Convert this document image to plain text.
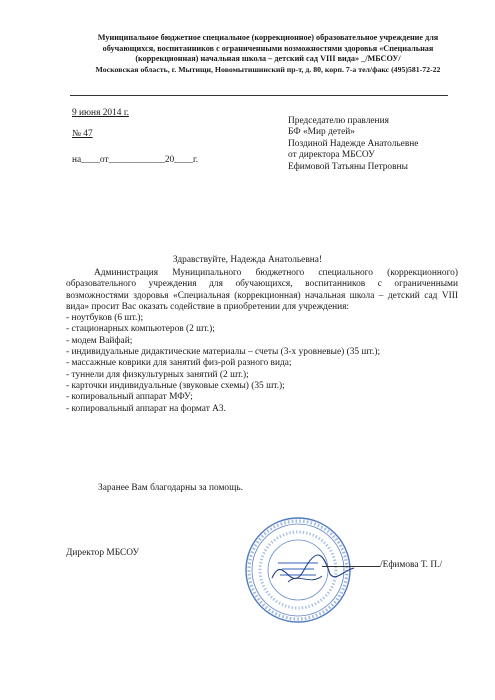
Муниципальное бюджетное специальное (коррекционное) образовательное учреждение для
обучающихся, воспитанников с ограниченными возможностями здоровья «Специальная
(коррекционная) начальная школа – детский сад VIII вида» _/МБСОУ/
Московская область, г. Мытищи, Новомытишинский пр-т, д. 80, корп. 7-а тел/факс (495)581-72-22
9 июня 2014 г.
№ 47
на____от____________20____г.
Председателю правления
БФ «Мир детей»
Поздиной Надежде Анатольевне
от директора МБСОУ
Ефимовой Татьяны Петровны
Здравствуйте, Надежда Анатольевна!

Администрация Муниципального бюджетного специального (коррекционного) образовательного учреждения для обучающихся, воспитанников с ограниченными возможностями здоровья «Специальная (коррекционная) начальная школа – детский сад VIII вида» просит Вас оказать содействие в приобретении для учреждения:

- ноутбуков (6 шт.);
- стационарных компьютеров (2 шт.);
- модем Вайфай;
- индивидуальные дидактические материалы – счеты (3-х уровневые) (35 шт.);
- массажные коврики для занятий физ-рой разного вида;
- туннели для физкультурных занятий (2 шт.);
- карточки индивидуальные (звуковые схемы) (35 шт.);
- копировальный аппарат МФУ;
- копировальный аппарат на формат А3.
Заранее Вам благодарны за помощь.
Директор МБСОУ
/Ефимова Т. П./
